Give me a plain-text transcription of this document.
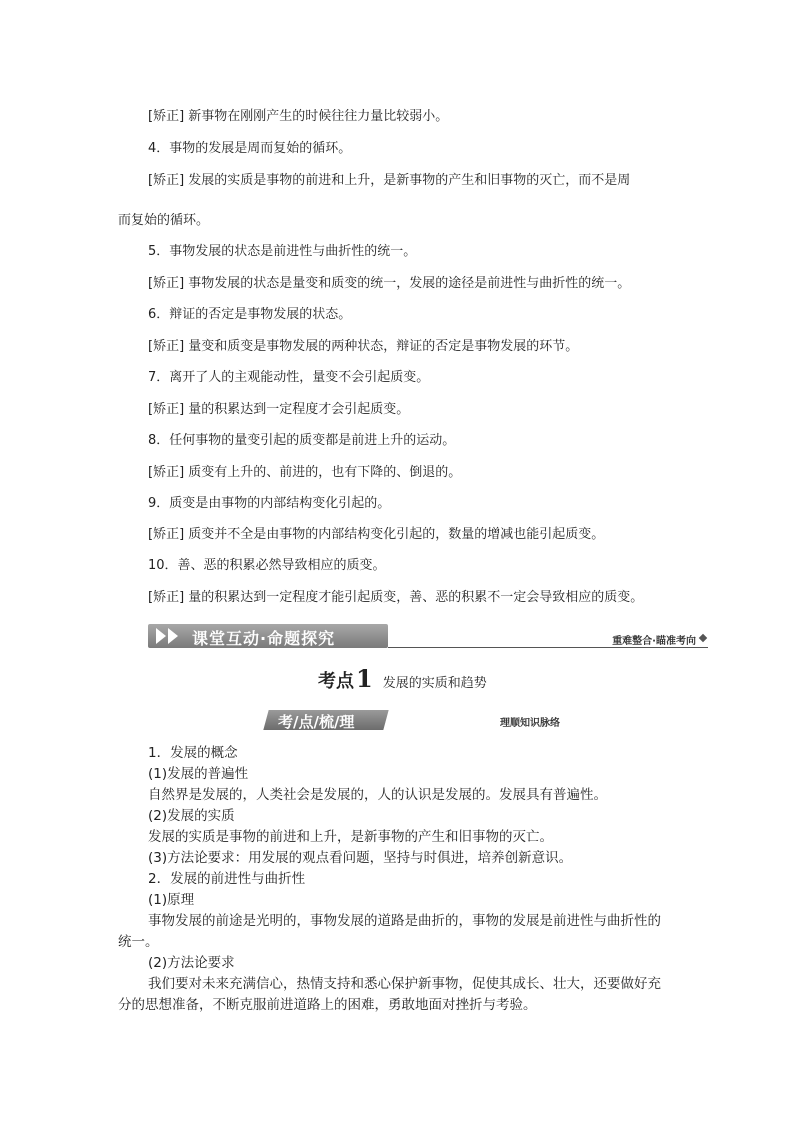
[矫正] 新事物在刚刚产生的时候往往力量比较弱小。
4．事物的发展是周而复始的循环。
[矫正] 发展的实质是事物的前进和上升，是新事物的产生和旧事物的灭亡，而不是周
而复始的循环。
5．事物发展的状态是前进性与曲折性的统一。
[矫正] 事物发展的状态是量变和质变的统一，发展的途径是前进性与曲折性的统一。
6．辩证的否定是事物发展的状态。
[矫正] 量变和质变是事物发展的两种状态，辩证的否定是事物发展的环节。
7．离开了人的主观能动性，量变不会引起质变。
[矫正] 量的积累达到一定程度才会引起质变。
8．任何事物的量变引起的质变都是前进上升的运动。
[矫正] 质变有上升的、前进的，也有下降的、倒退的。
9．质变是由事物的内部结构变化引起的。
[矫正] 质变并不全是由事物的内部结构变化引起的，数量的增减也能引起质变。
10．善、恶的积累必然导致相应的质变。
[矫正] 量的积累达到一定程度才能引起质变，善、恶的积累不一定会导致相应的质变。
课堂互动·命题探究	重难整合·瞄准考向
考点1 发展的实质和趋势
考/点/梳/理	理顺知识脉络
1．发展的概念
(1)发展的普遍性
自然界是发展的，人类社会是发展的，人的认识是发展的。发展具有普遍性。
(2)发展的实质
发展的实质是事物的前进和上升，是新事物的产生和旧事物的灭亡。
(3)方法论要求：用发展的观点看问题，坚持与时俱进，培养创新意识。
2．发展的前进性与曲折性
(1)原理
事物发展的前途是光明的，事物发展的道路是曲折的，事物的发展是前进性与曲折性的
统一。
(2)方法论要求
我们要对未来充满信心，热情支持和悉心保护新事物，促使其成长、壮大，还要做好充
分的思想准备，不断克服前进道路上的困难，勇敢地面对挫折与考验。
